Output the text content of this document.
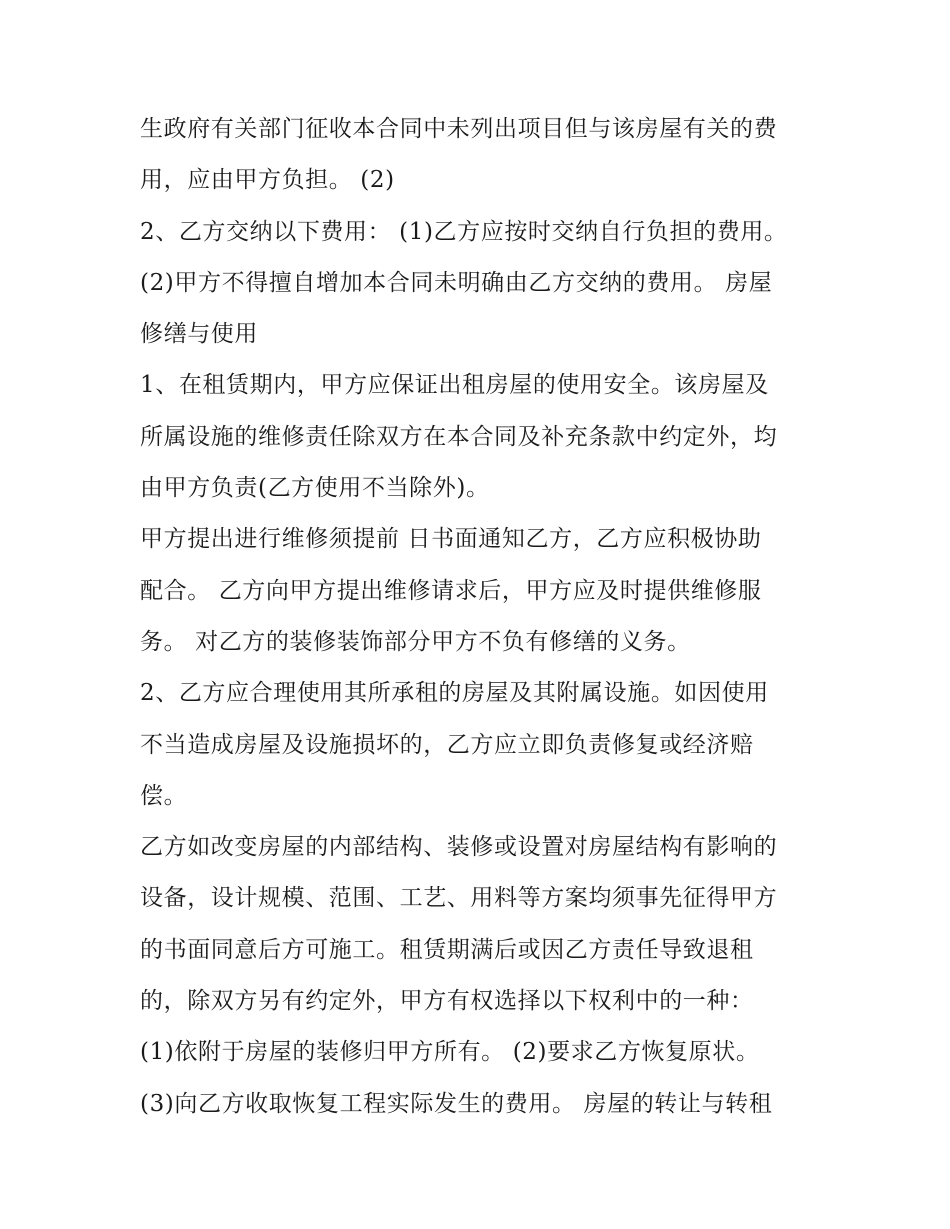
生政府有关部门征收本合同中未列出项目但与该房屋有关的费
用，应由甲方负担。 (2)
2、乙方交纳以下费用： (1)乙方应按时交纳自行负担的费用。
(2)甲方不得擅自增加本合同未明确由乙方交纳的费用。 房屋
修缮与使用
1、在租赁期内，甲方应保证出租房屋的使用安全。该房屋及
所属设施的维修责任除双方在本合同及补充条款中约定外，均
由甲方负责(乙方使用不当除外)。
甲方提出进行维修须提前 日书面通知乙方，乙方应积极协助
配合。 乙方向甲方提出维修请求后，甲方应及时提供维修服
务。 对乙方的装修装饰部分甲方不负有修缮的义务。
2、乙方应合理使用其所承租的房屋及其附属设施。如因使用
不当造成房屋及设施损坏的，乙方应立即负责修复或经济赔
偿。
乙方如改变房屋的内部结构、装修或设置对房屋结构有影响的
设备，设计规模、范围、工艺、用料等方案均须事先征得甲方
的书面同意后方可施工。租赁期满后或因乙方责任导致退租
的，除双方另有约定外，甲方有权选择以下权利中的一种：
(1)依附于房屋的装修归甲方所有。 (2)要求乙方恢复原状。
(3)向乙方收取恢复工程实际发生的费用。 房屋的转让与转租
